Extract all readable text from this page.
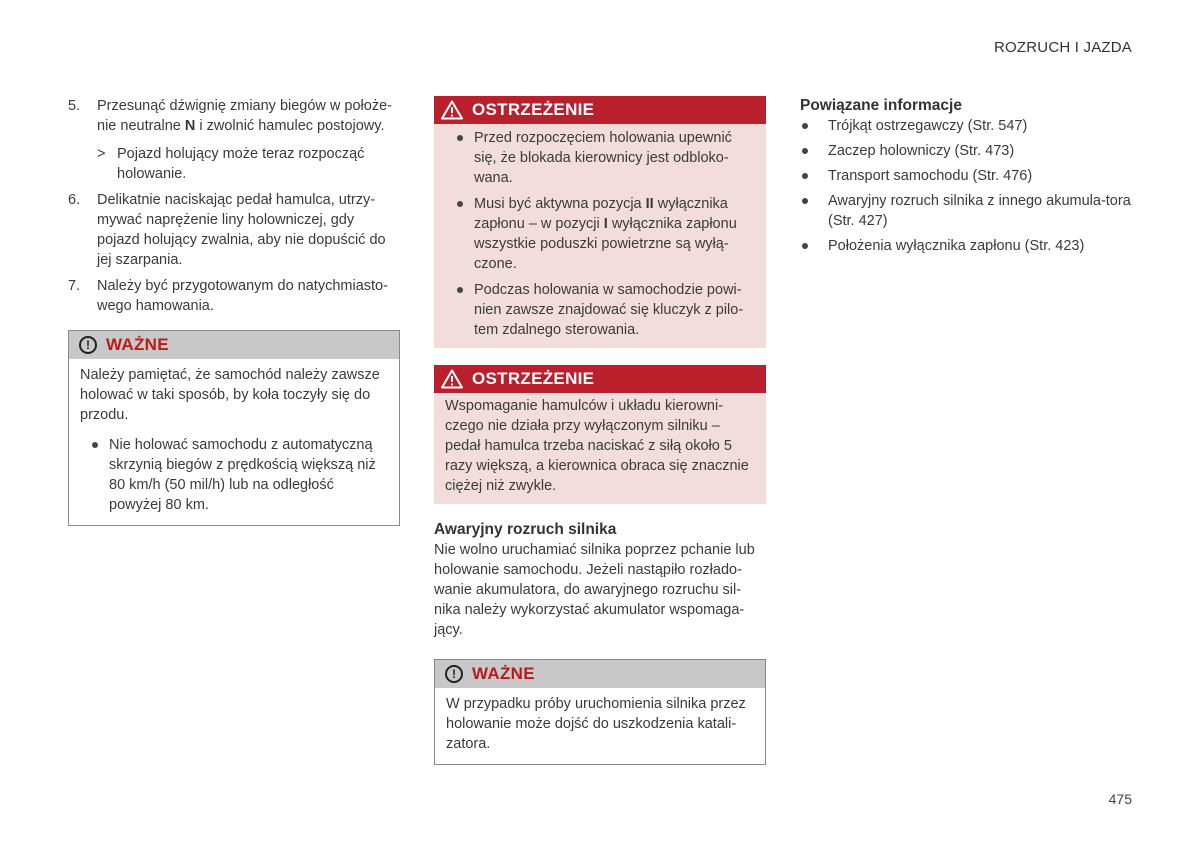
ROZRUCH I JAZDA
5. Przesunąć dźwignię zmiany biegów w położe-nie neutralne N i zwolnić hamulec postojowy.
> Pojazd holujący może teraz rozpocząć holowanie.
6. Delikatnie naciskając pedał hamulca, utrzy-mywać naprężenie liny holowniczej, gdy pojazd holujący zwalnia, aby nie dopuścić do jej szarpania.
7. Należy być przygotowanym do natychmiasto-wego hamowania.
! WAŻNE
Należy pamiętać, że samochód należy zawsze holować w taki sposób, by koła toczyły się do przodu.
Nie holować samochodu z automatyczną skrzynią biegów z prędkością większą niż 80 km/h (50 mil/h) lub na odległość powyżej 80 km.
OSTRZEŻENIE
Przed rozpoczęciem holowania upewnić się, że blokada kierownicy jest odbloko-wana.
Musi być aktywna pozycja II wyłącznika zapłonu – w pozycji I wyłącznika zapłonu wszystkie poduszki powietrzne są wyłą-czone.
Podczas holowania w samochodzie powi-nien zawsze znajdować się kluczyk z pilo-tem zdalnego sterowania.
OSTRZEŻENIE
Wspomaganie hamulców i układu kierowni-czego nie działa przy wyłączonym silniku – pedał hamulca trzeba naciskać z siłą około 5 razy większą, a kierownica obraca się znacznie ciężej niż zwykle.
Awaryjny rozruch silnika
Nie wolno uruchamiać silnika poprzez pchanie lub holowanie samochodu. Jeżeli nastąpiło rozłado-wanie akumulatora, do awaryjnego rozruchu sil-nika należy wykorzystać akumulator wspomaga-jący.
! WAŻNE
W przypadku próby uruchomienia silnika przez holowanie może dojść do uszkodzenia katali-zatora.
Powiązane informacje
Trójkąt ostrzegawczy (Str. 547)
Zaczep holowniczy (Str. 473)
Transport samochodu (Str. 476)
Awaryjny rozruch silnika z innego akumula-tora (Str. 427)
Położenia wyłącznika zapłonu (Str. 423)
475
